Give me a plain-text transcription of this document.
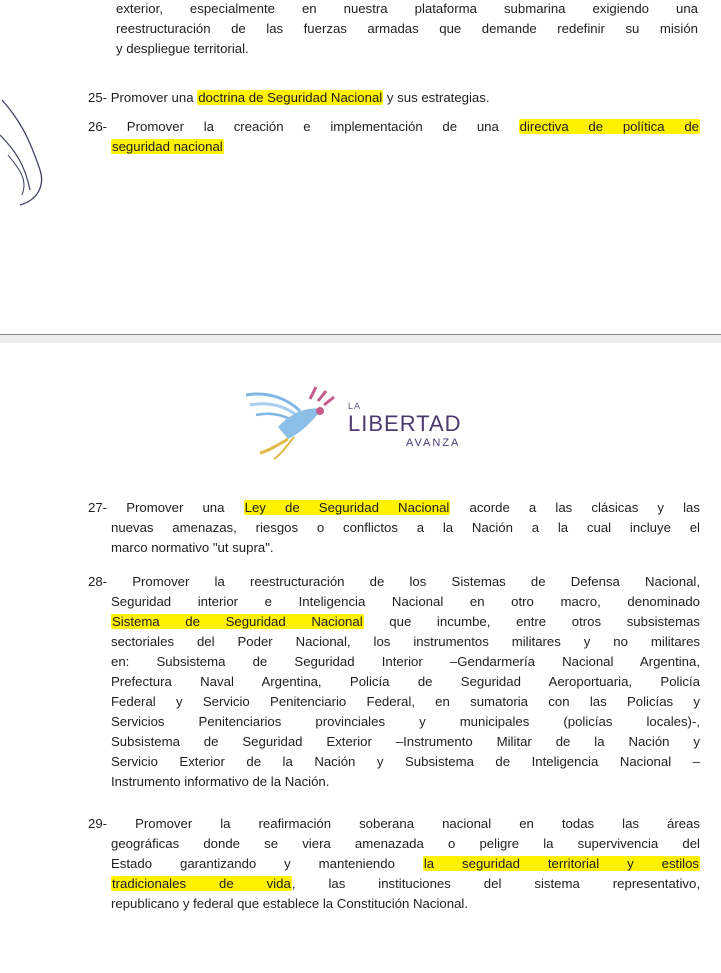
exterior, especialmente en nuestra plataforma submarina exigiendo una
reestructuración de las fuerzas armadas que demande redefinir su misión
y despliegue territorial.
25- Promover una doctrina de Seguridad Nacional y sus estrategias.
26- Promover la creación e implementación de una directiva de política de
seguridad nacional
LA
LIBERTAD
AVANZA
27- Promover una Ley de Seguridad Nacional acorde a las clásicas y las
nuevas amenazas, riesgos o conflictos a la Nación a la cual incluye el
marco normativo "ut supra".
28- Promover la reestructuración de los Sistemas de Defensa Nacional,
Seguridad interior e Inteligencia Nacional en otro macro, denominado
Sistema de Seguridad Nacional que incumbe, entre otros subsistemas
sectoriales del Poder Nacional, los instrumentos militares y no militares
en: Subsistema de Seguridad Interior –Gendarmería Nacional Argentina,
Prefectura Naval Argentina, Policía de Seguridad Aeroportuaria, Policía
Federal y Servicio Penitenciario Federal, en sumatoria con las Policías y
Servicios Penitenciarios provinciales y municipales (policías locales)-,
Subsistema de Seguridad Exterior –Instrumento Militar de la Nación y
Servicio Exterior de la Nación y Subsistema de Inteligencia Nacional –
Instrumento informativo de la Nación.
29- Promover la reafirmación soberana nacional en todas las áreas
geográficas donde se viera amenazada o peligre la supervivencia del
Estado garantizando y manteniendo la seguridad territorial y estilos
tradicionales de vida, las instituciones del sistema representativo,
republicano y federal que establece la Constitución Nacional.
